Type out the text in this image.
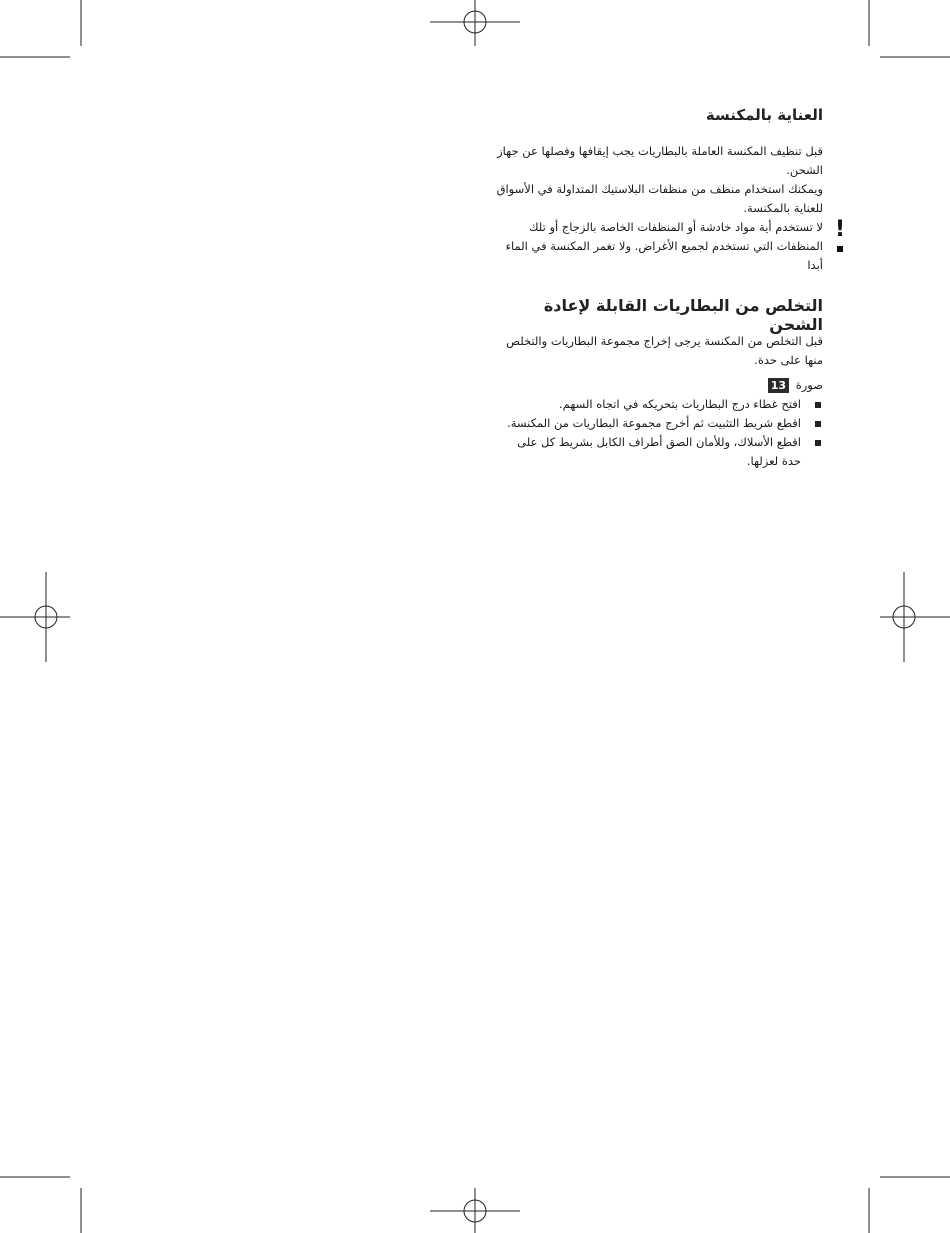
العناية بالمكنسة

قبل تنظيف المكنسة العاملة بالبطاريات يجب إيقافها وفصلها عن جهاز الشحن.

ويمكنك استخدام منظف من منظفات البلاستيك المتداولة في الأسواق للعناية بالمكنسة.

!
لا تستخدم أية مواد خادشة أو المنظفات الخاصة بالزجاج أو تلك المنظفات التي تستخدم لجميع الأغراض. ولا تغمر المكنسة في الماء أبدا
التخلص من البطاريات القابلة لإعادة الشحن

قبل التخلص من المكنسة يرجى إخراج مجموعة البطاريات والتخلص منها على حدة.

صورة 13
افتح غطاء درج البطاريات بتحريكه في اتجاه السهم.
اقطع شريط التثبيت ثم أخرج مجموعة البطاريات من المكنسة.
اقطع الأسلاك، وللأمان الصق أطراف الكابل بشريط كل على حدة لعزلها.
